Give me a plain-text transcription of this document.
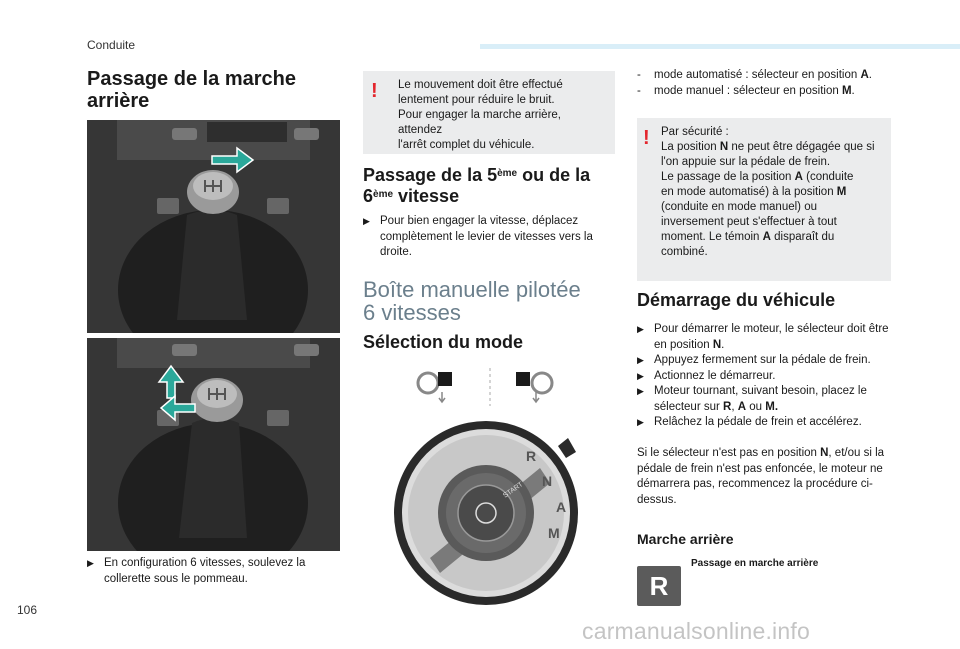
Conduite
Passage de la marche arrière
▶ En configuration 6 vitesses, soulevez la collerette sous le pommeau.
! Le mouvement doit être effectué
lentement pour réduire le bruit.
Pour engager la marche arrière, attendez
l'arrêt complet du véhicule.
Passage de la 5ème ou de la
6ème vitesse
▶ Pour bien engager la vitesse, déplacez complètement le levier de vitesses vers la droite.
Boîte manuelle pilotée
6 vitesses
Sélection du mode
R
N
A
M
START
- mode automatisé : sélecteur en position A.
- mode manuel : sélecteur en position M.
! Par sécurité :
La position N ne peut être dégagée que si
l'on appuie sur la pédale de frein.
Le passage de la position A (conduite
en mode automatisé) à la position M
(conduite en mode manuel) ou
inversement peut s'effectuer à tout
moment. Le témoin A disparaît du
combiné.
Démarrage du véhicule
▶ Pour démarrer le moteur, le sélecteur doit être en position N.
▶ Appuyez fermement sur la pédale de frein.
▶ Actionnez le démarreur.
▶ Moteur tournant, suivant besoin, placez le sélecteur sur R, A ou M.
▶ Relâchez la pédale de frein et accélérez.

Si le sélecteur n'est pas en position N, et/ou si la pédale de frein n'est pas enfoncée, le moteur ne démarrera pas, recommencez la procédure ci-dessus.

Marche arrière
R
Passage en marche arrière
106
carmanualsonline.info
